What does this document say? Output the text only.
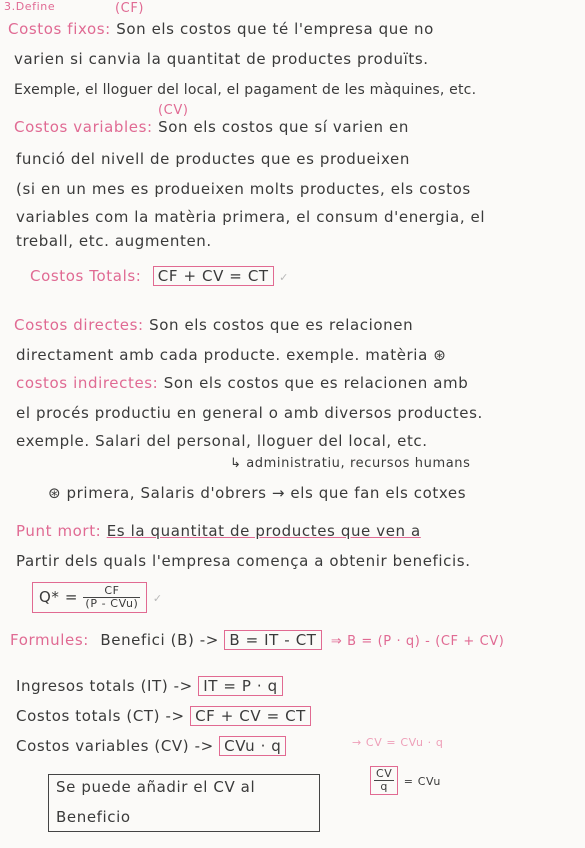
3.Define	(CF)
Costos fixos: Son els costos que té l'empresa que no
varien si canvia la quantitat de productes produïts.
Exemple, el lloguer del local, el pagament de les màquines, etc.
(CV)
Costos variables: Son els costos que sí varien en
funció del nivell de productes que es produeixen
(si en un mes es produeixen molts productes, els costos
variables com la matèria primera, el consum d'energia, el
treball, etc. augmenten.
Costos Totals: CF + CV = CT ✓
Costos directes: Son els costos que es relacionen
directament amb cada producte. exemple. matèria ⊛
costos indirectes: Son els costos que es relacionen amb
el procés productiu en general o amb diversos productes.
exemple. Salari del personal, lloguer del local, etc.
↳ administratiu, recursos humans
⊛ primera, Salaris d'obrers → els que fan els cotxes
Punt mort: Es la quantitat de productes que ven a
Partir dels quals l'empresa comença a obtenir beneficis.
$Q* = \frac{CF}{\text{(P - CVu)}}$ ✓
Formules: Benefici (B) -> B = IT - CT ⇒ B = (P · q) - (CF + CV)
Ingresos totals (IT) -> IT = P · q
Costos totals (CT) -> CF + CV = CT
Costos variables (CV) -> CVu · q	→ CV = CVu · q
$\frac{CV}{q}$ = CVu
Se puede añadir el CV al
Beneficio
